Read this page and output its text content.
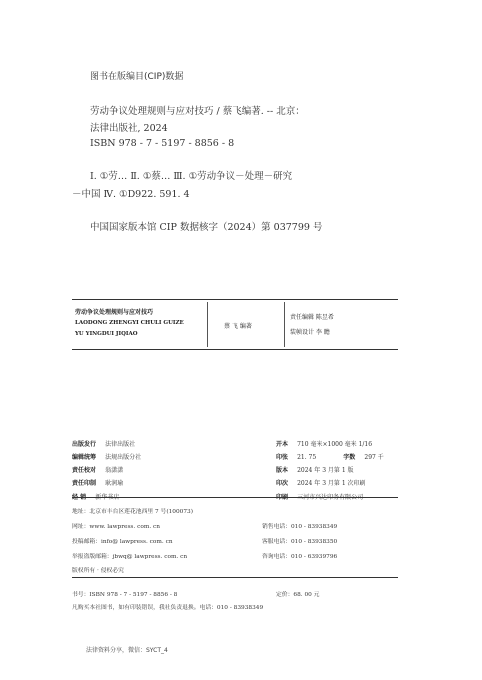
图书在版编目(CIP)数据
劳动争议处理规则与应对技巧 / 蔡飞编著. -- 北京：
法律出版社, 2024
ISBN 978 - 7 - 5197 - 8856 - 8
Ⅰ. ①劳… Ⅱ. ①蔡… Ⅲ. ①劳动争议－处理－研究
－中国 Ⅳ. ①D922. 591. 4
中国国家版本馆 CIP 数据核字（2024）第 037799 号
劳动争议处理规则与应对技巧
LAODONG ZHENGYI CHULI GUIZE
YU YINGDUI JIQIAO
蔡 飞 编著
责任编辑 陈昱希
装帧设计 李 瞻
出版发行 法律出版社
编辑统筹 法规出版分社
责任校对 翁潇潇
责任印制 耿润瑜
开本 710 毫米×1000 毫米 1/16
印张 21. 75	字数 297 千
版本 2024 年 3 月第 1 版
印次 2024 年 3 月第 1 次印刷
地址：北京市丰台区莲花池西里 7 号(100073)
网址：www. lawpress. com. cn
投稿邮箱：info@ lawpress. com. cn
举报盗版邮箱：jbwq@ lawpress. com. cn
版权所有 · 侵权必究
销售电话：010 - 83938349
客服电话：010 - 83938350
咨询电话：010 - 63939796
书号：ISBN 978 - 7 - 5197 - 8856 - 8	定价：68. 00 元
凡购买本社图书，如有印装错误，我社负责退换。电话：010 - 83938349
法律资料分享，微信：SYCT_4
